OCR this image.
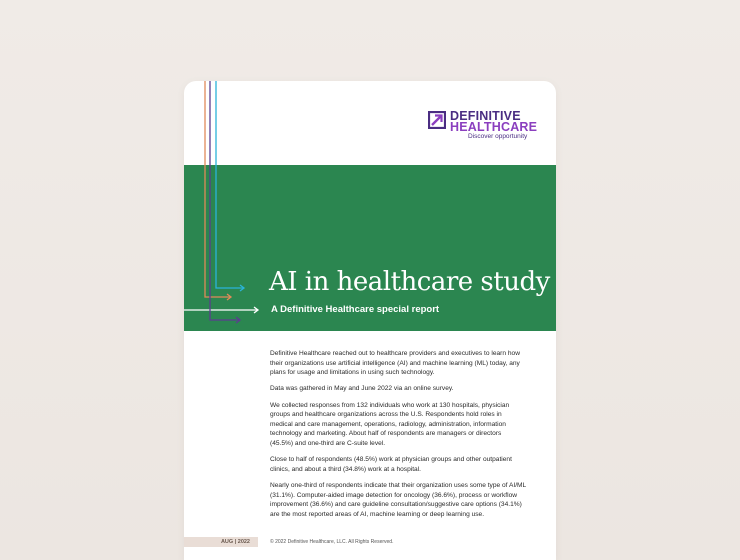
DEFINITIVE
HEALTHCARE
Discover opportunity
AI in healthcare study
A Definitive Healthcare special report

Definitive Healthcare reached out to healthcare providers and executives to learn how their organizations use artificial intelligence (AI) and machine learning (ML) today, any plans for usage and limitations in using such technology.

Data was gathered in May and June 2022 via an online survey.

We collected responses from 132 individuals who work at 130 hospitals, physician groups and healthcare organizations across the U.S. Respondents hold roles in medical and care management, operations, radiology, administration, information technology and marketing. About half of respondents are managers or directors (45.5%) and one-third are C-suite level.

Close to half of respondents (48.5%) work at physician groups and other outpatient clinics, and about a third (34.8%) work at a hospital.

Nearly one-third of respondents indicate that their organization uses some type of AI/ML (31.1%). Computer-aided image detection for oncology (36.6%), process or workflow improvement (36.6%) and care guideline consultation/suggestive care options (34.1%) are the most reported areas of AI, machine learning or deep learning use.

AUG | 2022	© 2022 Definitive Healthcare, LLC. All Rights Reserved.
